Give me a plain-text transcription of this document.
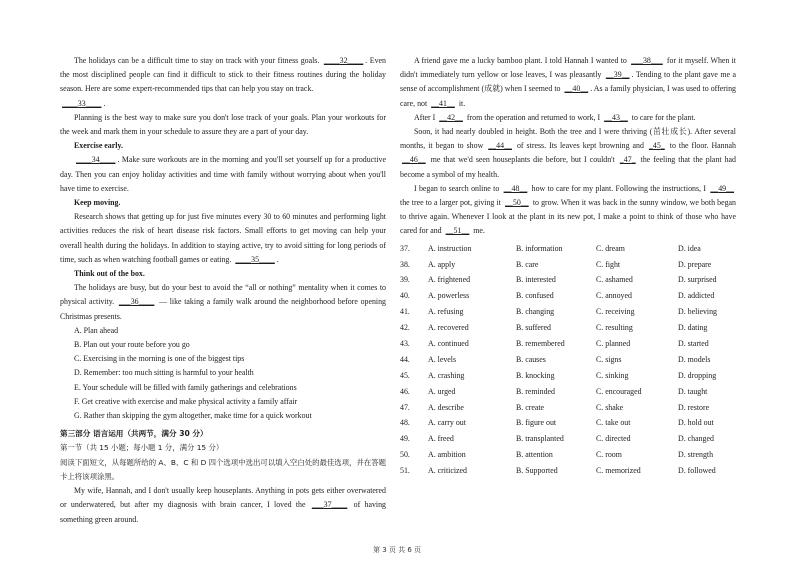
The holidays can be a difficult time to stay on track with your fitness goals. ____32____ . Even the most disciplined people can find it difficult to stick to their fitness routines during the holiday season. Here are some expert-recommended tips that can help you stay on track.

____33____ .

Planning is the best way to make sure you don't lose track of your goals. Plan your workouts for the week and mark them in your schedule to assure they are a part of your day.

Exercise early.

____34____ . Make sure workouts are in the morning and you'll set yourself up for a productive day. Then you can enjoy holiday activities and time with family without worrying about when you'll have time to exercise.

Keep moving.

Research shows that getting up for just five minutes every 30 to 60 minutes and performing light activities reduces the risk of heart disease risk factors. Small efforts to get moving can help your overall health during the holidays. In addition to staying active, try to avoid sitting for long periods of time, such as when watching football games or eating. ____35____ .

Think out of the box.

The holidays are busy, but do your best to avoid the “all or nothing” mentality when it comes to physical activity. ___36____ — like taking a family walk around the neighborhood before opening Christmas presents.

A. Plan ahead

B. Plan out your route before you go

C. Exercising in the morning is one of the biggest tips

D. Remember: too much sitting is harmful to your health

E. Your schedule will be filled with family gatherings and celebrations

F. Get creative with exercise and make physical activity a family affair

G. Rather than skipping the gym altogether, make time for a quick workout

第三部分 语言运用（共两节，满分 30 分）

第一节（共 15 小题；每小题 1 分，满分 15 分）

阅读下面短文，从每题所给的 A、B、C 和 D 四个选项中选出可以填入空白处的最佳选项，并在答题卡上将该项涂黑。

My wife, Hannah, and I don't usually keep houseplants. Anything in pots gets either overwatered or underwatered, but after my diagnosis with brain cancer, I loved the ___37____ of having something green around.

A friend gave me a lucky bamboo plant. I told Hannah I wanted to ___38___ for it myself. When it didn't immediately turn yellow or lose leaves, I was pleasantly __39__ . Tending to the plant gave me a sense of accomplishment (成就) when I seemed to __40__ . As a family physician, I was used to offering care, not __41__ it.

After I __42__ from the operation and returned to work, I __43__ to care for the plant.

Soon, it had nearly doubled in height. Both the tree and I were thriving (茁壮成长). After several months, it began to show __44__ of stress. Its leaves kept browning and _45_ to the floor. Hannah __46__ me that we'd seen houseplants die before, but I couldn't _47_ the feeling that the plant had become a symbol of my health.

I began to search online to __48__ how to care for my plant. Following the instructions, I __49__ the tree to a larger pot, giving it __50__ to grow. When it was back in the sunny window, we both began to thrive again. Whenever I look at the plant in its new pot, I make a point to think of those who have cared for and __51__ me.

37.	A. instruction	B. information	C. dream	D. idea
38.	A. apply	B. care	C. fight	D. prepare
39.	A. frightened	B. interested	C. ashamed	D. surprised
40.	A. powerless	B. confused	C. annoyed	D. addicted
41.	A. refusing	B. changing	C. receiving	D. believing
42.	A. recovered	B. suffered	C. resulting	D. dating
43.	A. continued	B. remembered	C. planned	D. started
44.	A. levels	B. causes	C. signs	D. models
45.	A. crashing	B. knocking	C. sinking	D. dropping
46.	A. urged	B. reminded	C. encouraged	D. taught
47.	A. describe	B. create	C. shake	D. restore
48.	A. carry out	B. figure out	C. take out	D. hold out
49.	A. freed	B. transplanted	C. directed	D. changed
50.	A. ambition	B. attention	C. room	D. strength
51.	A. criticized	B. Supported	C. memorized	D. followed
第 3 页 共 6 页
